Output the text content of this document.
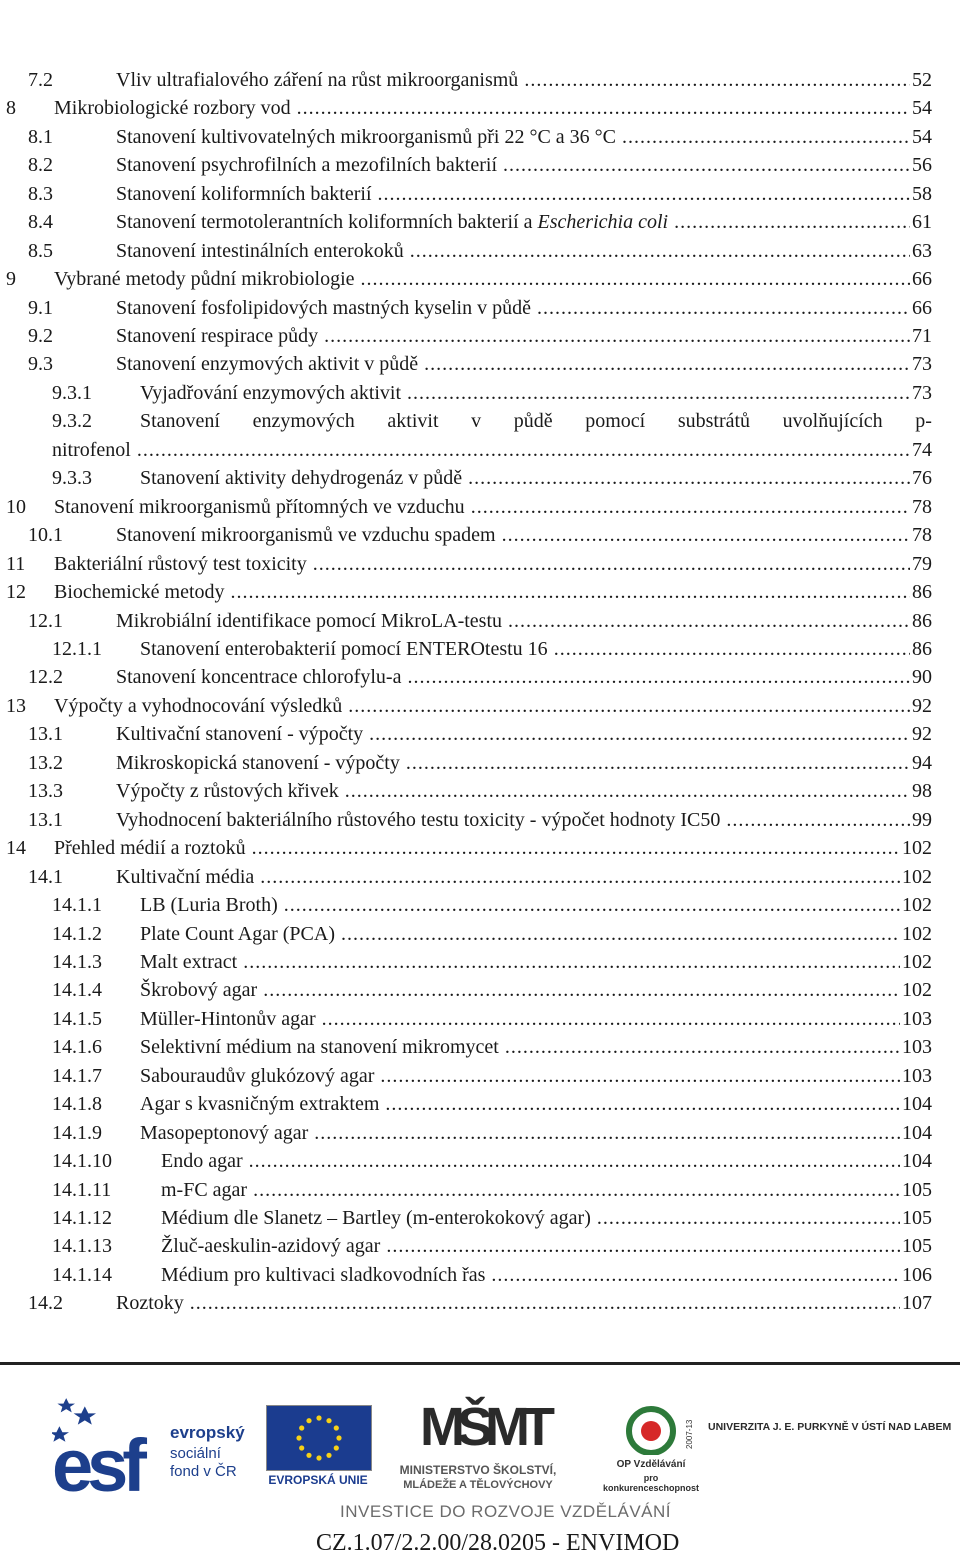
7.2	Vliv ultrafialového záření na růst mikroorganismů .....	52
8 Mikrobiologické rozbory vod .....	54
8.1	Stanovení kultivovatelných mikroorganismů při 22 °C a 36 °C .....	54
8.2	Stanovení psychrofilních a mezofilních bakterií .....	56
8.3	Stanovení koliformních bakterií .....	58
8.4	Stanovení termotolerantních koliformních bakterií a Escherichia coli .....	61
8.5	Stanovení intestinálních enterokoků .....	63
9 Vybrané metody půdní mikrobiologie .....	66
9.1	Stanovení fosfolipidových mastných kyselin v půdě .....	66
9.2	Stanovení respirace půdy .....	71
9.3	Stanovení enzymových aktivit v půdě .....	73
9.3.1 Vyjadřování enzymových aktivit .....	73
9.3.2 Stanovení enzymových aktivit v půdě pomocí substrátů uvolňujících p-
nitrofenol .....	74
9.3.3 Stanovení aktivity dehydrogenáz v půdě .....	76
10 Stanovení mikroorganismů přítomných ve vzduchu .....	78
10.1	Stanovení mikroorganismů ve vzduchu spadem .....	78
11 Bakteriální růstový test toxicity .....	79
12 Biochemické metody .....	86
12.1	Mikrobiální identifikace pomocí MikroLA-testu .....	86
12.1.1 Stanovení enterobakterií pomocí ENTEROtestu 16 .....	86
12.2	Stanovení koncentrace chlorofylu-a .....	90
13 Výpočty a vyhodnocování výsledků .....	92
13.1	Kultivační stanovení - výpočty .....	92
13.2	Mikroskopická stanovení - výpočty .....	94
13.3	Výpočty z růstových křivek .....	98
13.1	Vyhodnocení bakteriálního růstového testu toxicity - výpočet hodnoty IC50 .....	99
14 Přehled médií a roztoků .....	102
14.1	Kultivační média .....	102
14.1.1 LB (Luria Broth) .....	102
14.1.2 Plate Count Agar (PCA) .....	102
14.1.3 Malt extract .....	102
14.1.4 Škrobový agar .....	102
14.1.5 Müller-Hintonův agar .....	103
14.1.6 Selektivní médium na stanovení mikromycet .....	103
14.1.7 Sabouraudův glukózový agar .....	103
14.1.8 Agar s kvasničným extraktem .....	104
14.1.9 Masopeptonový agar .....	104
14.1.10 Endo agar .....	104
14.1.11 m-FC agar .....	105
14.1.12 Médium dle Slanetz – Bartley (m-enterokokový agar) .....	105
14.1.13 Žluč-aeskulin-azidový agar .....	105
14.1.14 Médium pro kultivaci sladkovodních řas .....	106
14.2	Roztoky .....	107
esf	evropský
sociální
fond v ČR	EVROPSKÁ UNIE
MŠMT
MINISTERSTVO ŠKOLSTVÍ,
MLÁDEŽE A TĚLOVÝCHOVY
2007-13
OP Vzdělávání
pro konkurenceschopnost
UNIVERZITA J. E. PURKYNĚ V ÚSTÍ NAD LABEM
INVESTICE DO ROZVOJE VZDĚLÁVÁNÍ
CZ.1.07/2.2.00/28.0205 - ENVIMOD
